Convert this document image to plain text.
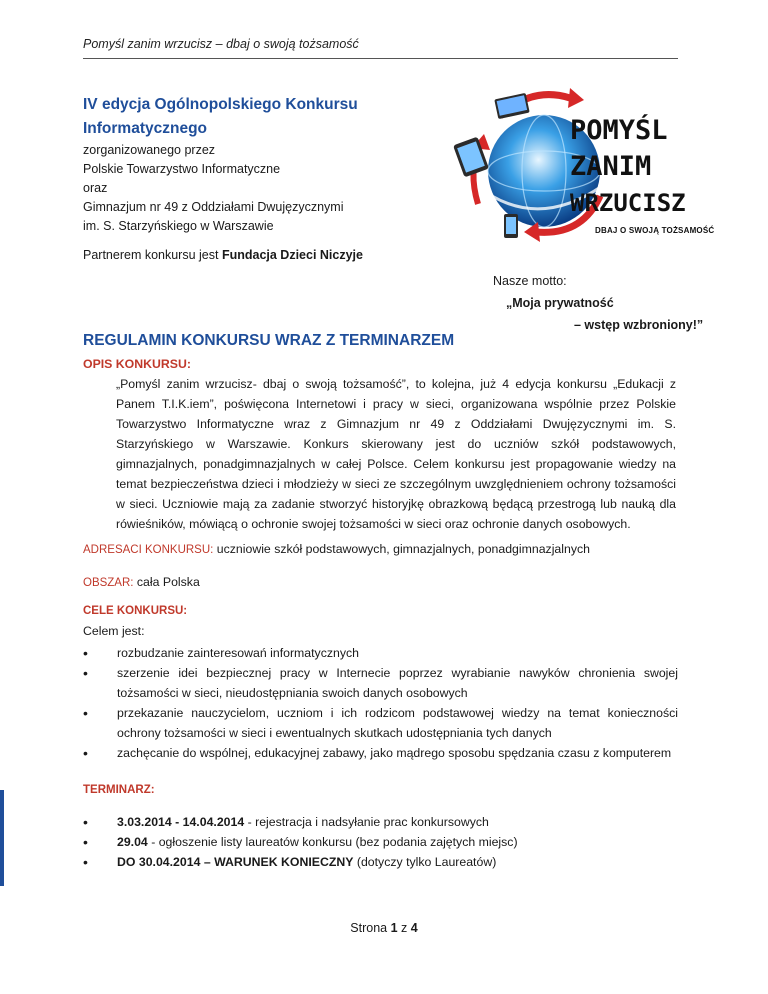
Pomyśl zanim wrzucisz – dbaj o swoją tożsamość
IV edycja Ogólnopolskiego Konkursu Informatycznego
zorganizowanego przez
Polskie Towarzystwo Informatyczne
oraz
Gimnazjum nr 49 z Oddziałami Dwujęzycznymi
im. S. Starzyńskiego w Warszawie
POMYŚL
ZANIM
WRZUCISZ
DBAJ O SWOJĄ TOŻSAMOŚĆ
Partnerem konkursu jest Fundacja Dzieci Niczyje
Nasze motto:
„Moja prywatność
– wstęp wzbroniony!”
REGULAMIN KONKURSU WRAZ Z TERMINARZEM
OPIS KONKURSU:
„Pomyśl zanim wrzucisz- dbaj o swoją tożsamość”, to kolejna, już 4 edycja konkursu „Edukacji z Panem T.I.K.iem”, poświęcona Internetowi i pracy w sieci, organizowana wspólnie przez Polskie Towarzystwo Informatyczne wraz z Gimnazjum nr 49 z Oddziałami Dwujęzycznymi im. S. Starzyńskiego w Warszawie. Konkurs skierowany jest do uczniów szkół podstawowych, gimnazjalnych, ponadgimnazjalnych w całej Polsce. Celem konkursu jest propagowanie wiedzy na temat bezpieczeństwa dzieci i młodzieży w sieci ze szczególnym uwzględnieniem ochrony tożsamości w sieci. Uczniowie mają za zadanie stworzyć historyjkę obrazkową będącą przestrogą lub nauką dla rówieśników, mówiącą o ochronie swojej tożsamości w sieci oraz ochronie danych osobowych.
ADRESACI KONKURSU: uczniowie szkół podstawowych, gimnazjalnych, ponadgimnazjalnych
OBSZAR: cała Polska
CELE KONKURSU:
Celem jest:
• rozbudzanie zainteresowań informatycznych
• szerzenie idei bezpiecznej pracy w Internecie poprzez wyrabianie nawyków chronienia swojej tożsamości w sieci, nieudostępniania swoich danych osobowych
• przekazanie nauczycielom, uczniom i ich rodzicom podstawowej wiedzy na temat konieczności ochrony tożsamości w sieci i ewentualnych skutkach udostępniania tych danych
• zachęcanie do wspólnej, edukacyjnej zabawy, jako mądrego sposobu spędzania czasu z komputerem
TERMINARZ:
• 3.03.2014 - 14.04.2014 - rejestracja i nadsyłanie prac konkursowych
• 29.04 - ogłoszenie listy laureatów konkursu (bez podania zajętych miejsc)
• DO 30.04.2014 – WARUNEK KONIECZNY (dotyczy tylko Laureatów)
Strona 1 z 4
